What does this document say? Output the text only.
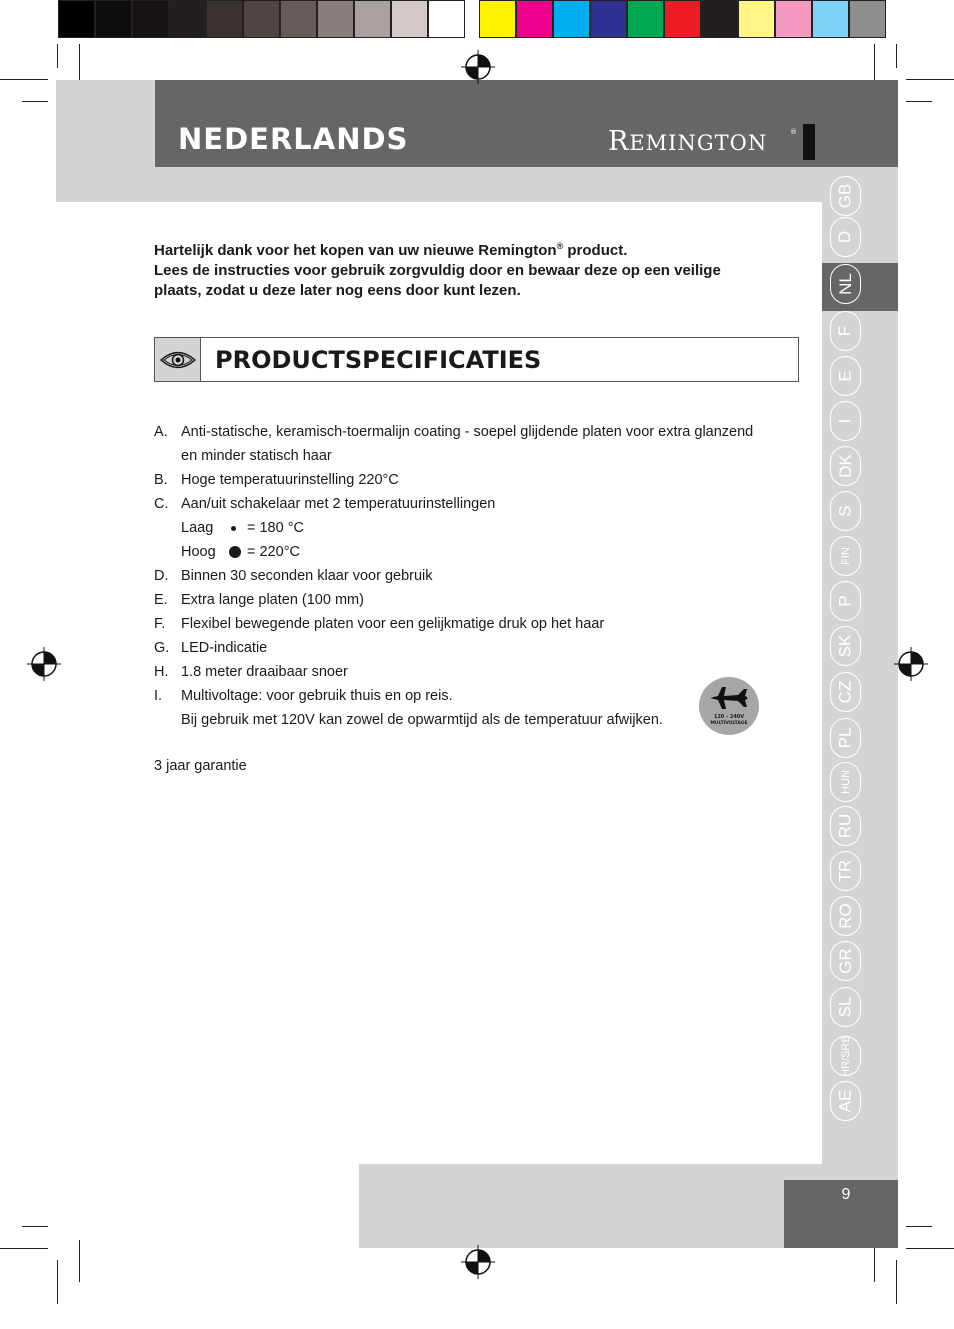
NEDERLANDS	REMINGTON	®
GB
D
NL
F
E
I
DK
S
FIN
P
SK
CZ
PL
HUN
RU
TR
RO
GR
SL
HR/SRB
AE
Hartelijk dank voor het kopen van uw nieuwe Remington® product.
Lees de instructies voor gebruik zorgvuldig door en bewaar deze op een veilige
plaats, zodat u deze later nog eens door kunt lezen.
PRODUCTSPECIFICATIES
A. Anti-statische, keramisch-toermalijn coating - soepel glijdende platen voor extra glanzend
en minder statisch haar
B. Hoge temperatuurinstelling 220°C
C. Aan/uit schakelaar met 2 temperatuurinstellingen
Laag = 180 °C
Hoog = 220°C
D. Binnen 30 seconden klaar voor gebruik
E. Extra lange platen (100 mm)
F. Flexibel bewegende platen voor een gelijkmatige druk op het haar
G. LED-indicatie
H. 1.8 meter draaibaar snoer
I. Multivoltage: voor gebruik thuis en op reis.
Bij gebruik met 120V kan zowel de opwarmtijd als de temperatuur afwijken.	120 - 240V
MULTIVOLTAGE
3 jaar garantie
9
